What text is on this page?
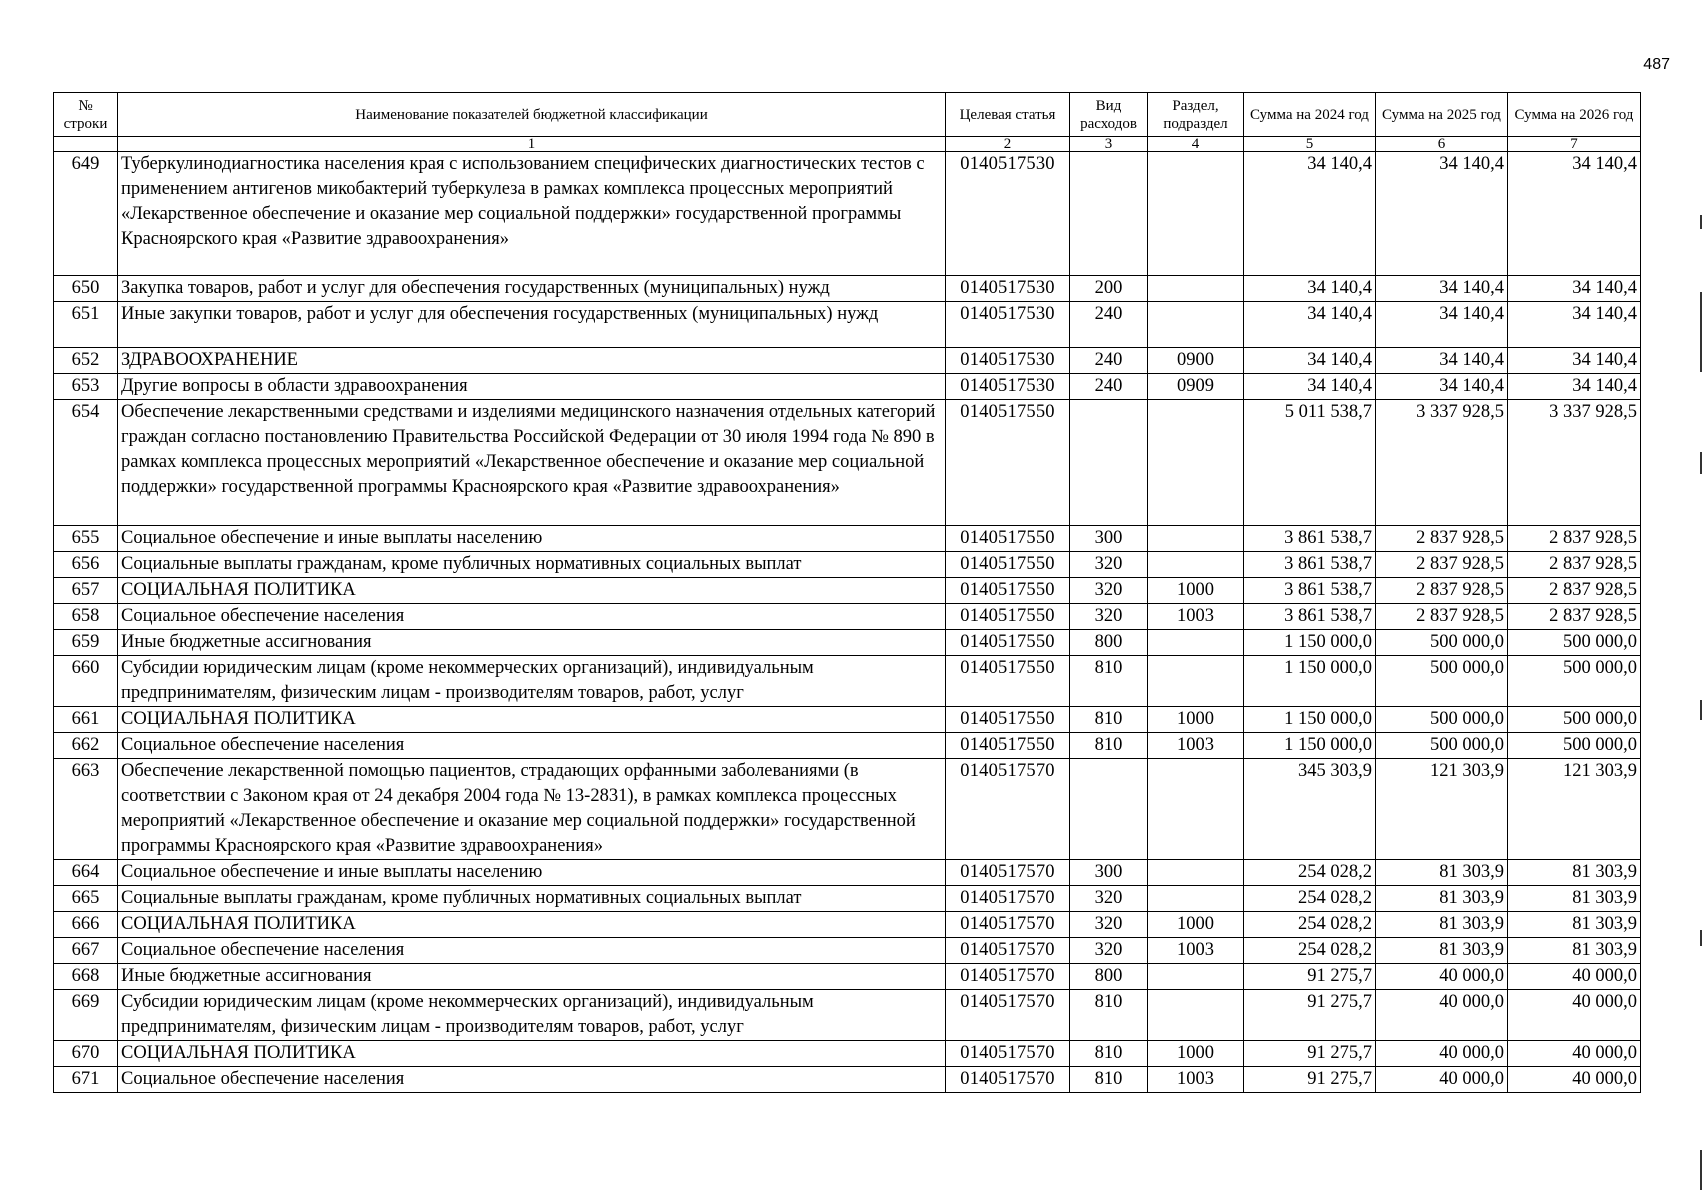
487
№ строки	Наименование показателей бюджетной классификации	Целевая статья	Вид расходов	Раздел, подраздел	Сумма на 2024 год	Сумма на 2025 год	Сумма на 2026 год
	1	2	3	4	5	6	7
649	Туберкулинодиагностика населения края с использованием специфических диагностических тестов с применением антигенов микобактерий туберкулеза в рамках комплекса процессных мероприятий «Лекарственное обеспечение и оказание мер социальной поддержки» государственной программы Красноярского края «Развитие здравоохранения»	0140517530			34 140,4	34 140,4	34 140,4
650	Закупка товаров, работ и услуг для обеспечения государственных (муниципальных) нужд	0140517530	200		34 140,4	34 140,4	34 140,4
651	Иные закупки товаров, работ и услуг для обеспечения государственных (муниципальных) нужд	0140517530	240		34 140,4	34 140,4	34 140,4
652	ЗДРАВООХРАНЕНИЕ	0140517530	240	0900	34 140,4	34 140,4	34 140,4
653	Другие вопросы в области здравоохранения	0140517530	240	0909	34 140,4	34 140,4	34 140,4
654	Обеспечение лекарственными средствами и изделиями медицинского назначения отдельных категорий граждан согласно постановлению Правительства Российской Федерации от 30 июля 1994 года № 890 в рамках комплекса процессных мероприятий «Лекарственное обеспечение и оказание мер социальной поддержки» государственной программы Красноярского края «Развитие здравоохранения»	0140517550			5 011 538,7	3 337 928,5	3 337 928,5
655	Социальное обеспечение и иные выплаты населению	0140517550	300		3 861 538,7	2 837 928,5	2 837 928,5
656	Социальные выплаты гражданам, кроме публичных нормативных социальных выплат	0140517550	320		3 861 538,7	2 837 928,5	2 837 928,5
657	СОЦИАЛЬНАЯ ПОЛИТИКА	0140517550	320	1000	3 861 538,7	2 837 928,5	2 837 928,5
658	Социальное обеспечение населения	0140517550	320	1003	3 861 538,7	2 837 928,5	2 837 928,5
659	Иные бюджетные ассигнования	0140517550	800		1 150 000,0	500 000,0	500 000,0
660	Субсидии юридическим лицам (кроме некоммерческих организаций), индивидуальным предпринимателям, физическим лицам - производителям товаров, работ, услуг	0140517550	810		1 150 000,0	500 000,0	500 000,0
661	СОЦИАЛЬНАЯ ПОЛИТИКА	0140517550	810	1000	1 150 000,0	500 000,0	500 000,0
662	Социальное обеспечение населения	0140517550	810	1003	1 150 000,0	500 000,0	500 000,0
663	Обеспечение лекарственной помощью пациентов, страдающих орфанными заболеваниями (в соответствии с Законом края от 24 декабря 2004 года № 13-2831), в рамках комплекса процессных мероприятий «Лекарственное обеспечение и оказание мер социальной поддержки» государственной программы Красноярского края «Развитие здравоохранения»	0140517570			345 303,9	121 303,9	121 303,9
664	Социальное обеспечение и иные выплаты населению	0140517570	300		254 028,2	81 303,9	81 303,9
665	Социальные выплаты гражданам, кроме публичных нормативных социальных выплат	0140517570	320		254 028,2	81 303,9	81 303,9
666	СОЦИАЛЬНАЯ ПОЛИТИКА	0140517570	320	1000	254 028,2	81 303,9	81 303,9
667	Социальное обеспечение населения	0140517570	320	1003	254 028,2	81 303,9	81 303,9
668	Иные бюджетные ассигнования	0140517570	800		91 275,7	40 000,0	40 000,0
669	Субсидии юридическим лицам (кроме некоммерческих организаций), индивидуальным предпринимателям, физическим лицам - производителям товаров, работ, услуг	0140517570	810		91 275,7	40 000,0	40 000,0
670	СОЦИАЛЬНАЯ ПОЛИТИКА	0140517570	810	1000	91 275,7	40 000,0	40 000,0
671	Социальное обеспечение населения	0140517570	810	1003	91 275,7	40 000,0	40 000,0
